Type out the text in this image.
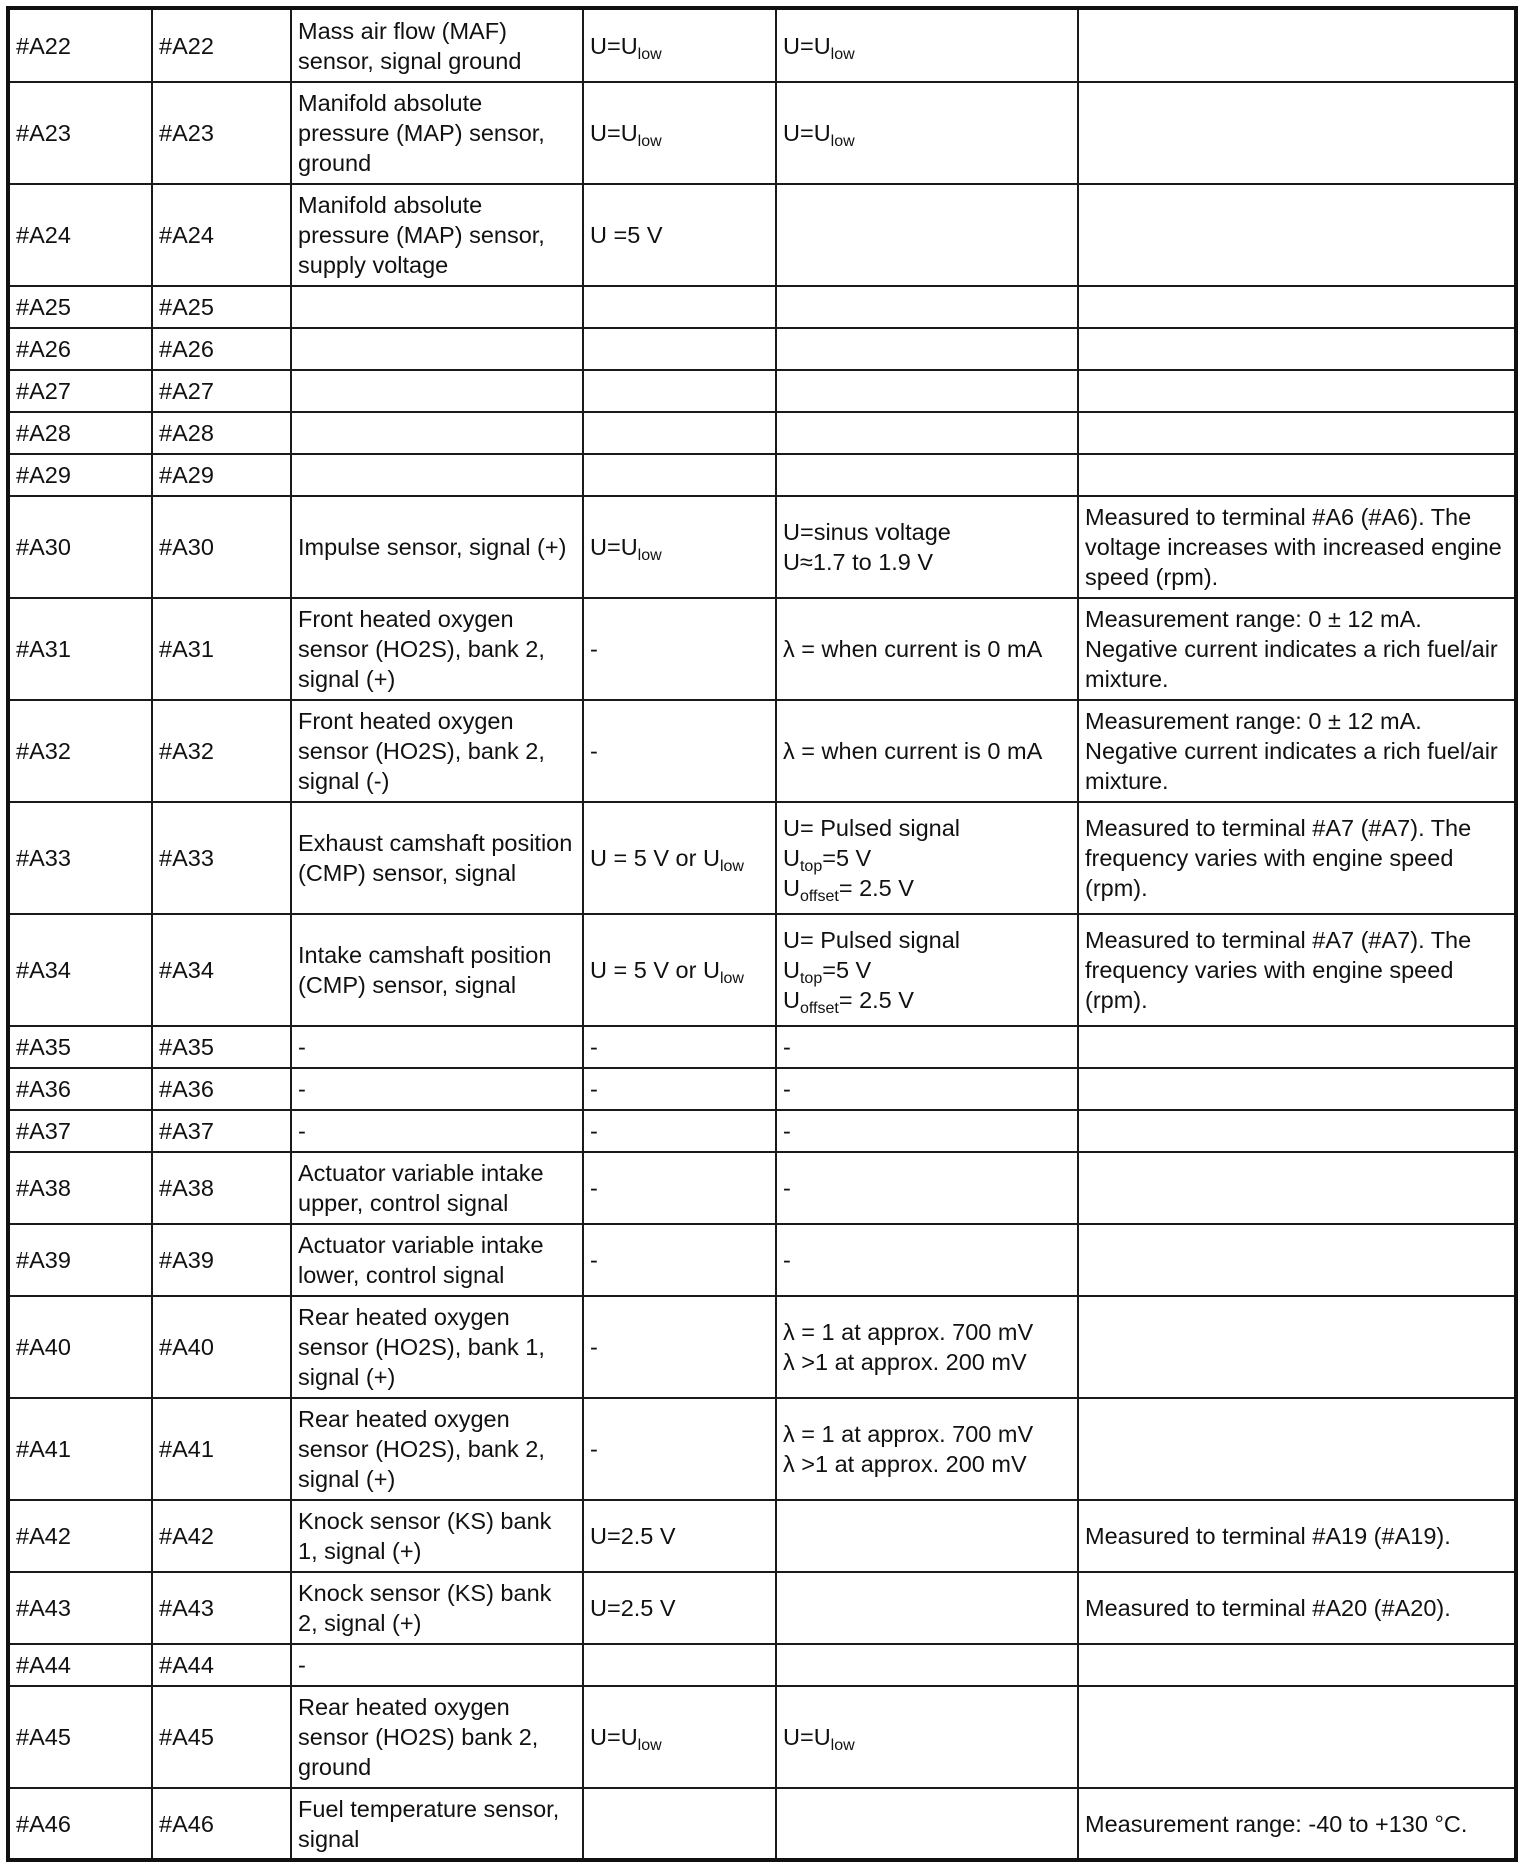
#A22	#A22	Mass air flow (MAF) sensor, signal ground	$U=U_{low}$	$U=U_{low}$

#A23	#A23	Manifold absolute pressure (MAP) sensor, ground	$U=U_{low}$	$U=U_{low}$

#A24	#A24	Manifold absolute pressure (MAP) sensor, supply voltage	U =5 V		
#A25	#A25				
#A26	#A26				
#A27	#A27				
#A28	#A28				
#A29	#A29				
#A30	#A30	Impulse sensor, signal (+)	$U=U_{low}$	U=sinus voltage
U≈1.7 to 1.9 V	Measured to terminal #A6 (#A6). The voltage increases with increased engine speed (rpm).
#A31	#A31	Front heated oxygen sensor (HO2S), bank 2, signal (+)	-	λ = when current is 0 mA	Measurement range: 0 ± 12 mA. Negative current indicates a rich fuel/air mixture.
#A32	#A32	Front heated oxygen sensor (HO2S), bank 2, signal (-)	-	λ = when current is 0 mA	Measurement range: 0 ± 12 mA. Negative current indicates a rich fuel/air mixture.
#A33	#A33	Exhaust camshaft position (CMP) sensor, signal	U = 5 V or $U_{low}$	U= Pulsed signal
$U_{top}=5$ V
$U_{offset}= 2.5$ V	Measured to terminal #A7 (#A7). The frequency varies with engine speed (rpm).
#A34	#A34	Intake camshaft position (CMP) sensor, signal	U = 5 V or $U_{low}$	U= Pulsed signal
$U_{top}=5$ V
$U_{offset}= 2.5$ V	Measured to terminal #A7 (#A7). The frequency varies with engine speed (rpm).
#A35	#A35	-	-	-	

#A36	#A36	-	-	-	

#A37	#A37	-	-	-	

#A38	#A38	Actuator variable intake upper, control signal	-	-	

#A39	#A39	Actuator variable intake lower, control signal	-	-	

#A40	#A40	Rear heated oxygen sensor (HO2S), bank 1, signal (+)	-	λ = 1 at approx. 700 mV
λ >1 at approx. 200 mV	

#A41	#A41	Rear heated oxygen sensor (HO2S), bank 2, signal (+)	-	λ = 1 at approx. 700 mV
λ >1 at approx. 200 mV	

#A42	#A42	Knock sensor (KS) bank 1, signal (+)	U=2.5 V		Measured to terminal #A19 (#A19).
#A43	#A43	Knock sensor (KS) bank 2, signal (+)	U=2.5 V		Measured to terminal #A20 (#A20).
#A44	#A44	-			
#A45	#A45	Rear heated oxygen sensor (HO2S) bank 2, ground	$U=U_{low}$	$U=U_{low}$

#A46	#A46	Fuel temperature sensor, signal			Measurement range: -40 to +130 °C.
